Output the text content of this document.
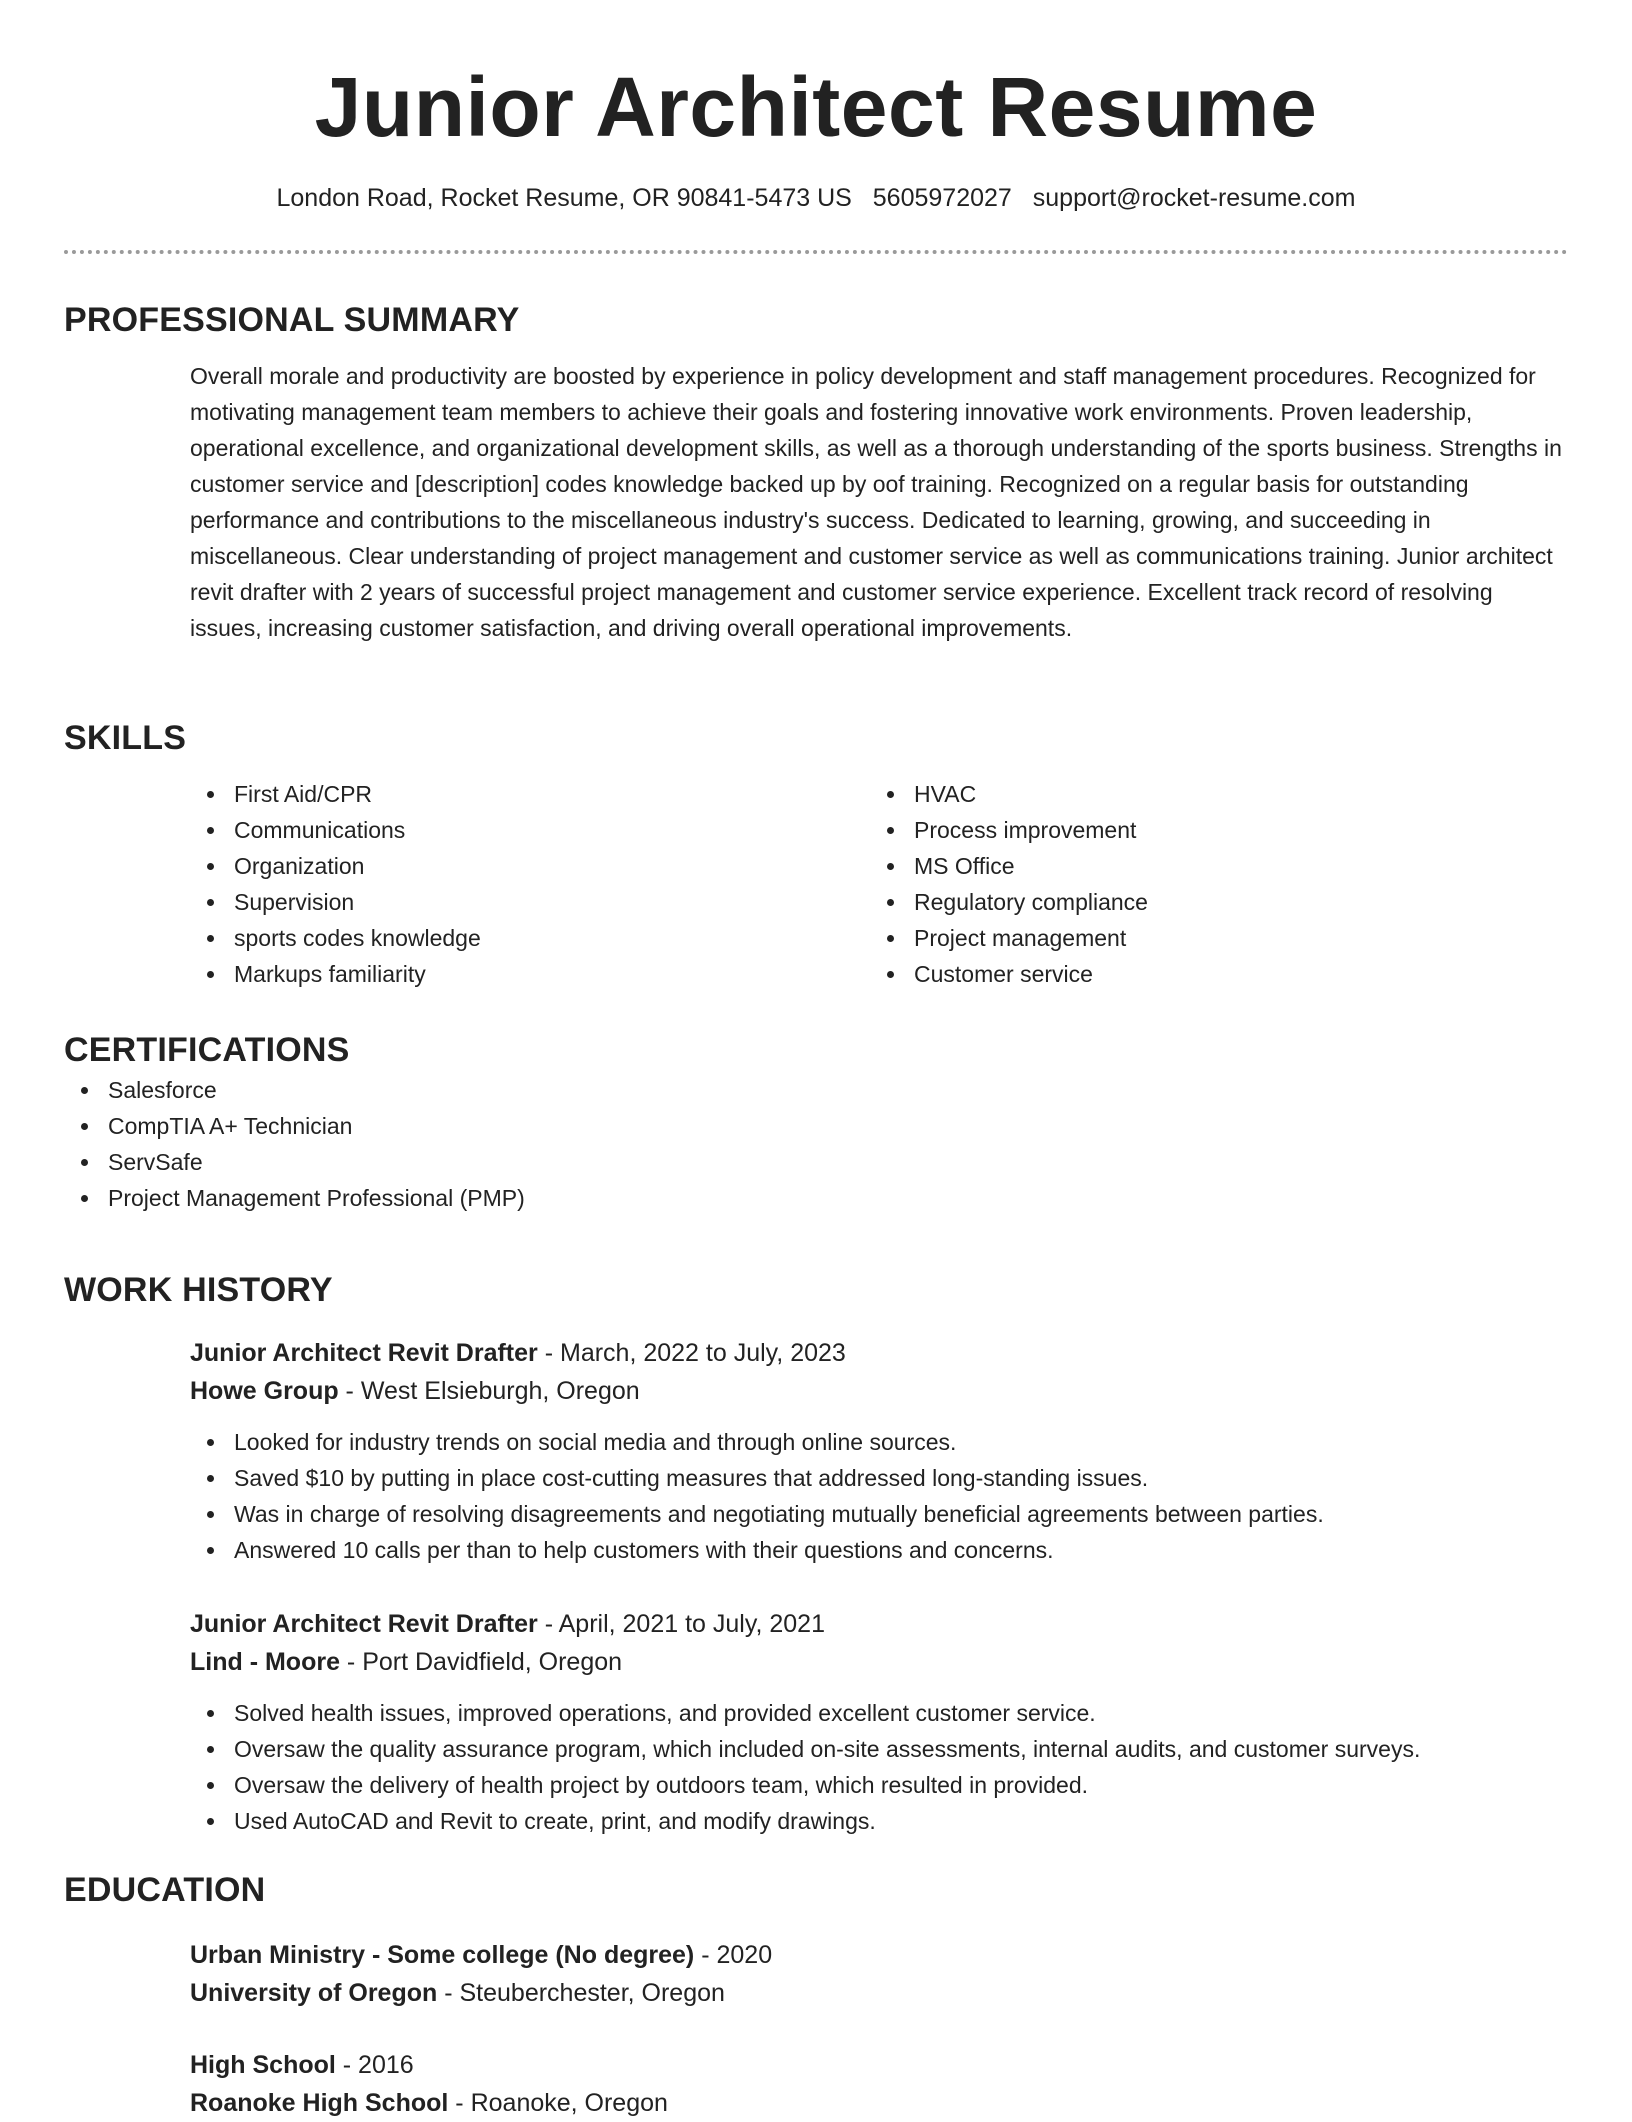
Junior Architect Resume
London Road, Rocket Resume, OR 90841-5473 US 5605972027 support@rocket-resume.com
PROFESSIONAL SUMMARY

Overall morale and productivity are boosted by experience in policy development and staff management procedures. Recognized for motivating management team members to achieve their goals and fostering innovative work environments. Proven leadership, operational excellence, and organizational development skills, as well as a thorough understanding of the sports business. Strengths in customer service and [description] codes knowledge backed up by oof training. Recognized on a regular basis for outstanding performance and contributions to the miscellaneous industry's success. Dedicated to learning, growing, and succeeding in miscellaneous. Clear understanding of project management and customer service as well as communications training. Junior architect revit drafter with 2 years of successful project management and customer service experience. Excellent track record of resolving issues, increasing customer satisfaction, and driving overall operational improvements.

SKILLS
First Aid/CPR
Communications
Organization
Supervision
sports codes knowledge
Markups familiarity
HVAC
Process improvement
MS Office
Regulatory compliance
Project management
Customer service
CERTIFICATIONS
Salesforce
CompTIA A+ Technician
ServSafe
Project Management Professional (PMP)
WORK HISTORY
Junior Architect Revit Drafter - March, 2022 to July, 2023
Howe Group - West Elsieburgh, Oregon
Looked for industry trends on social media and through online sources.
Saved $10 by putting in place cost-cutting measures that addressed long-standing issues.
Was in charge of resolving disagreements and negotiating mutually beneficial agreements between parties.
Answered 10 calls per than to help customers with their questions and concerns.
Junior Architect Revit Drafter - April, 2021 to July, 2021
Lind - Moore - Port Davidfield, Oregon
Solved health issues, improved operations, and provided excellent customer service.
Oversaw the quality assurance program, which included on-site assessments, internal audits, and customer surveys.
Oversaw the delivery of health project by outdoors team, which resulted in provided.
Used AutoCAD and Revit to create, print, and modify drawings.
EDUCATION
Urban Ministry - Some college (No degree) - 2020
University of Oregon - Steuberchester, Oregon
High School - 2016
Roanoke High School - Roanoke, Oregon
